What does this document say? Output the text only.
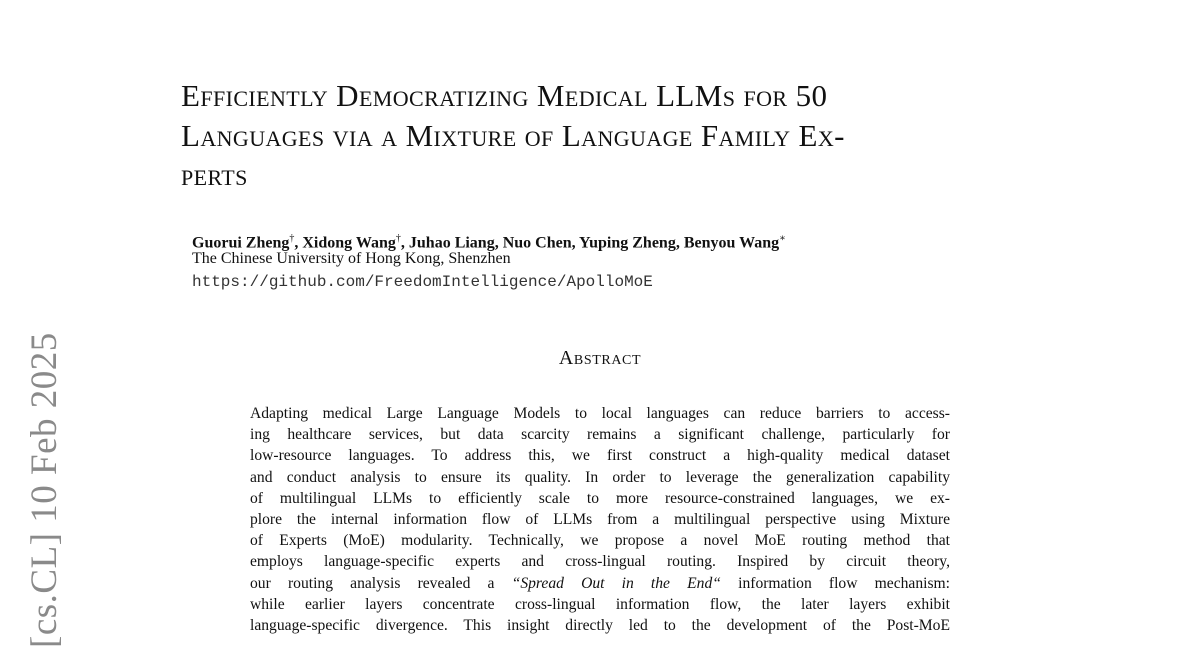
[cs.CL] 10 Feb 2025
Efficiently Democratizing Medical LLMs for 50
Languages via a Mixture of Language Family Ex-
perts

Guorui Zheng†, Xidong Wang†, Juhao Liang, Nuo Chen, Yuping Zheng, Benyou Wang∗

The Chinese University of Hong Kong, Shenzhen

https://github.com/FreedomIntelligence/ApolloMoE

Abstract
Adapting medical Large Language Models to local languages can reduce barriers to access-
ing healthcare services, but data scarcity remains a significant challenge, particularly for
low-resource languages. To address this, we first construct a high-quality medical dataset
and conduct analysis to ensure its quality. In order to leverage the generalization capability
of multilingual LLMs to efficiently scale to more resource-constrained languages, we ex-
plore the internal information flow of LLMs from a multilingual perspective using Mixture
of Experts (MoE) modularity. Technically, we propose a novel MoE routing method that
employs language-specific experts and cross-lingual routing. Inspired by circuit theory,
our routing analysis revealed a “Spread Out in the End“ information flow mechanism:
while earlier layers concentrate cross-lingual information flow, the later layers exhibit
language-specific divergence. This insight directly led to the development of the Post-MoE
